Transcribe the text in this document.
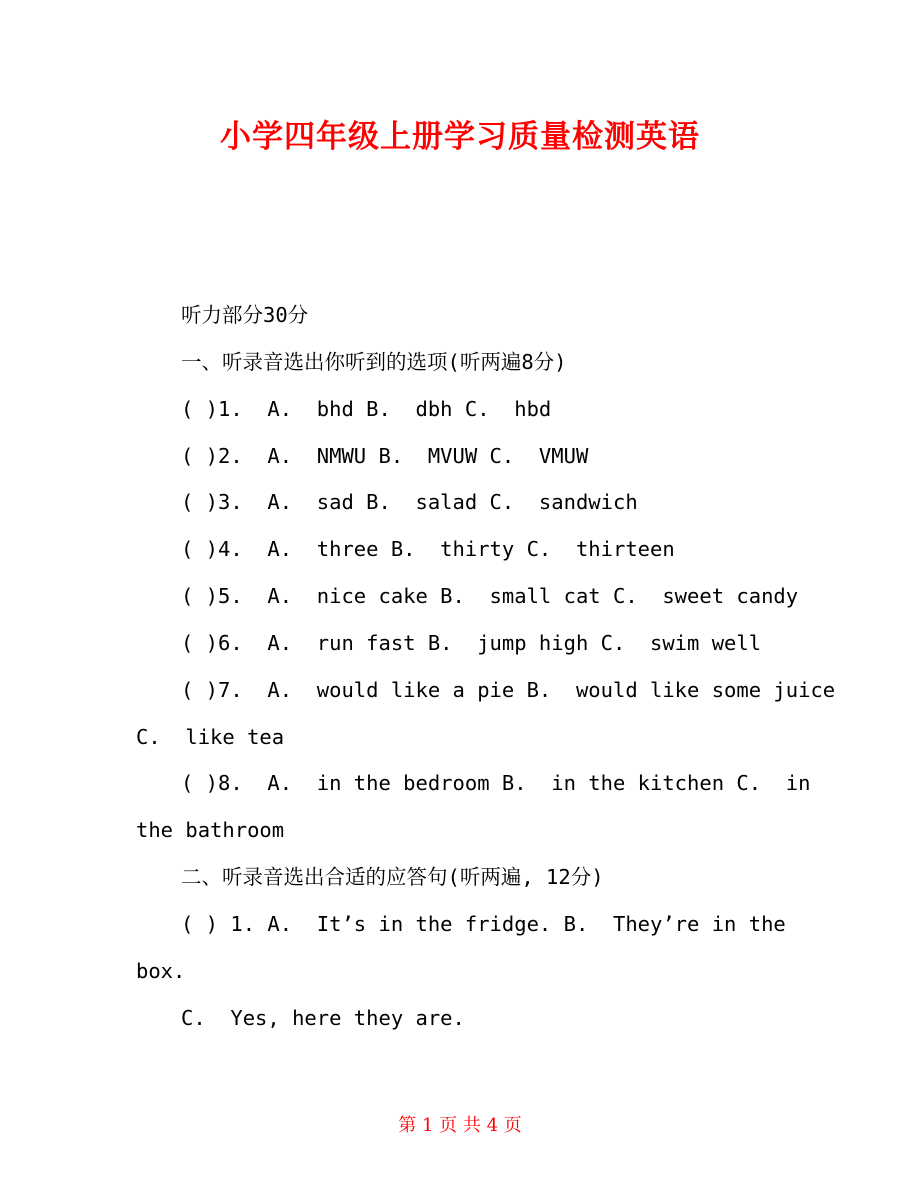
小学四年级上册学习质量检测英语
听力部分30分
一、听录音选出你听到的选项(听两遍8分)
( )1.  A.  bhd B.  dbh C.  hbd
( )2.  A.  NMWU B.  MVUW C.  VMUW
( )3.  A.  sad B.  salad C.  sandwich
( )4.  A.  three B.  thirty C.  thirteen
( )5.  A.  nice cake B.  small cat C.  sweet candy
( )6.  A.  run fast B.  jump high C.  swim well
( )7.  A.  would like a pie B.  would like some juice
C.  like tea
( )8.  A.  in the bedroom B.  in the kitchen C.  in
the bathroom
二、听录音选出合适的应答句(听两遍, 12分)
( ) 1. A.  It’s in the fridge. B.  They’re in the
box.
C.  Yes, here they are.
第 1 页 共 4 页
